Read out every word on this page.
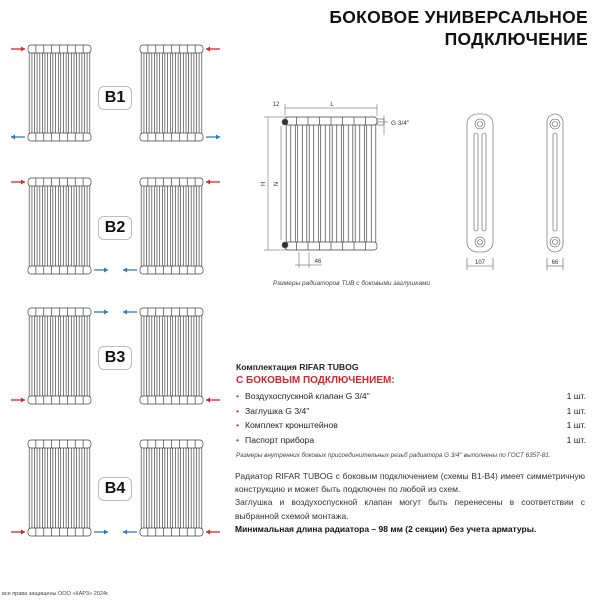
БОКОВОЕ УНИВЕРСАЛЬНОЕ
ПОДКЛЮЧЕНИЕ
B1
B2
B3
B4
12	L
H N
46
G 3/4''
107	66
Размеры радиаторов TUB с боковыми заглушками
Комплектация RIFAR TUBOG
С БОКОВЫМ ПОДКЛЮЧЕНИЕМ:
• Воздухоспускной клапан G 3/4''	1 шт.
• Заглушка G 3/4''	1 шт.
• Комплект кронштейнов	1 шт.
• Паспорт прибора	1 шт.
Размеры внутренних боковых присоединительных резьб радиатора G 3/4'' выполнены по ГОСТ 6357-81.
Радиатор RIFAR TUBOG с боковым подключением (схемы B1-B4) имеет симметричную конструкцию и может быть подключен по любой из схем.
Заглушка и воздухоспускной клапан могут быть перенесены в соответствии с выбранной схемой монтажа.
Минимальная длина радиатора – 98 мм (2 секции) без учета арматуры.
все права защищены ООО «КАРЗ» 2024г.
